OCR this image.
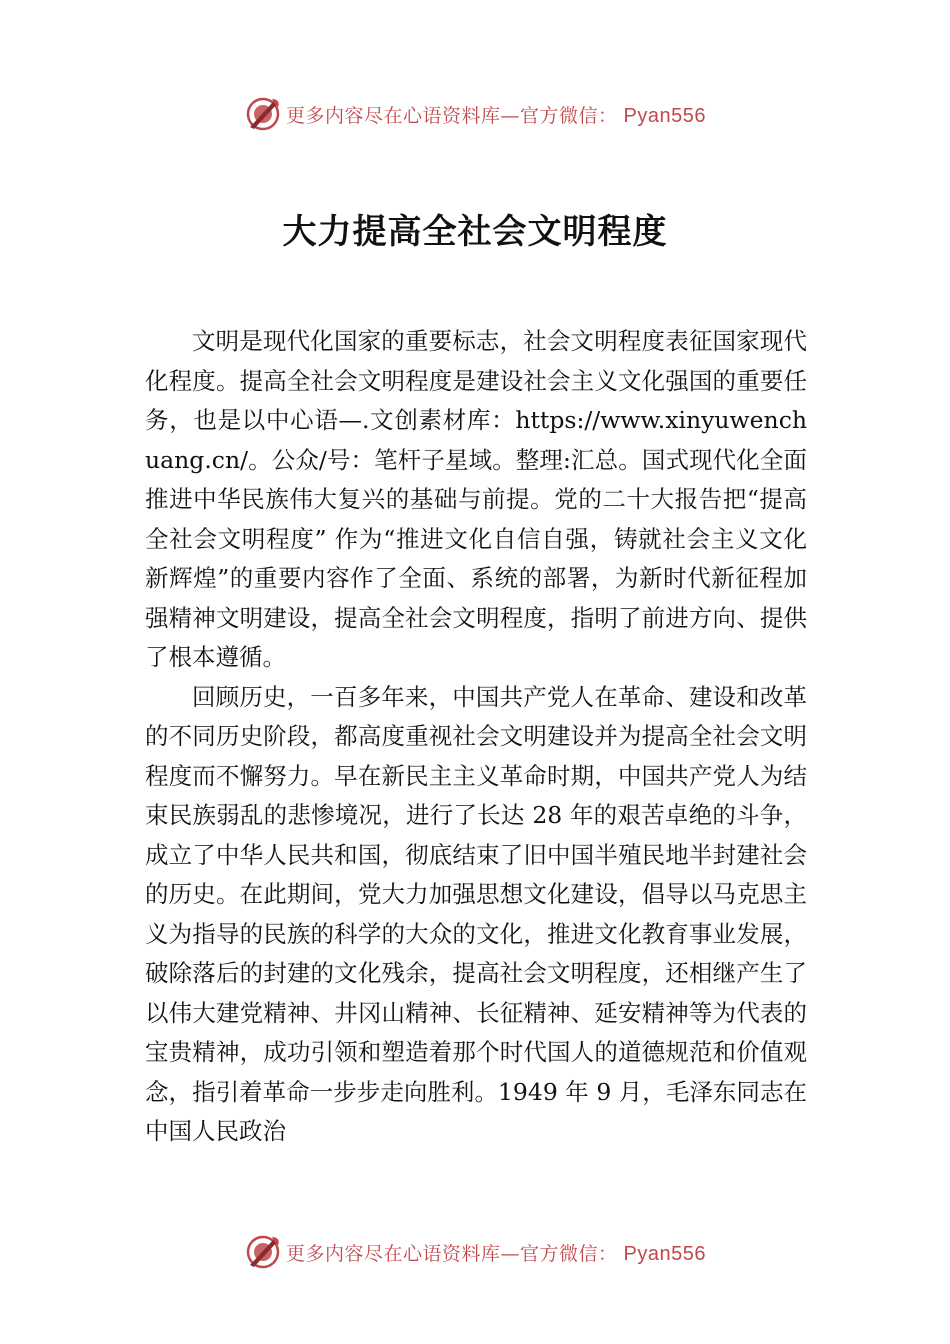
更多内容尽在心语资料库—官方微信： Pyan556
大力提高全社会文明程度

文明是现代化国家的重要标志，社会文明程度表征国家现代化程度。提高全社会文明程度是建设社会主义文化强国的重要任务，也是以中心语—.文创素材库：https://www.xinyuwenchuang.cn/。公众/号：笔杆子星域。整理:汇总。国式现代化全面推进中华民族伟大复兴的基础与前提。党的二十大报告把“提高全社会文明程度” 作为“推进文化自信自强，铸就社会主义文化新辉煌”的重要内容作了全面、系统的部署，为新时代新征程加强精神文明建设，提高全社会文明程度，指明了前进方向、提供了根本遵循。

回顾历史，一百多年来，中国共产党人在革命、建设和改革的不同历史阶段，都高度重视社会文明建设并为提高全社会文明程度而不懈努力。早在新民主主义革命时期，中国共产党人为结束民族弱乱的悲惨境况，进行了长达 28 年的艰苦卓绝的斗争，成立了中华人民共和国，彻底结束了旧中国半殖民地半封建社会的历史。在此期间，党大力加强思想文化建设，倡导以马克思主义为指导的民族的科学的大众的文化，推进文化教育事业发展，破除落后的封建的文化残余，提高社会文明程度，还相继产生了以伟大建党精神、井冈山精神、长征精神、延安精神等为代表的宝贵精神，成功引领和塑造着那个时代国人的道德规范和价值观念，指引着革命一步步走向胜利。1949 年 9 月，毛泽东同志在中国人民政治

更多内容尽在心语资料库—官方微信： Pyan556
